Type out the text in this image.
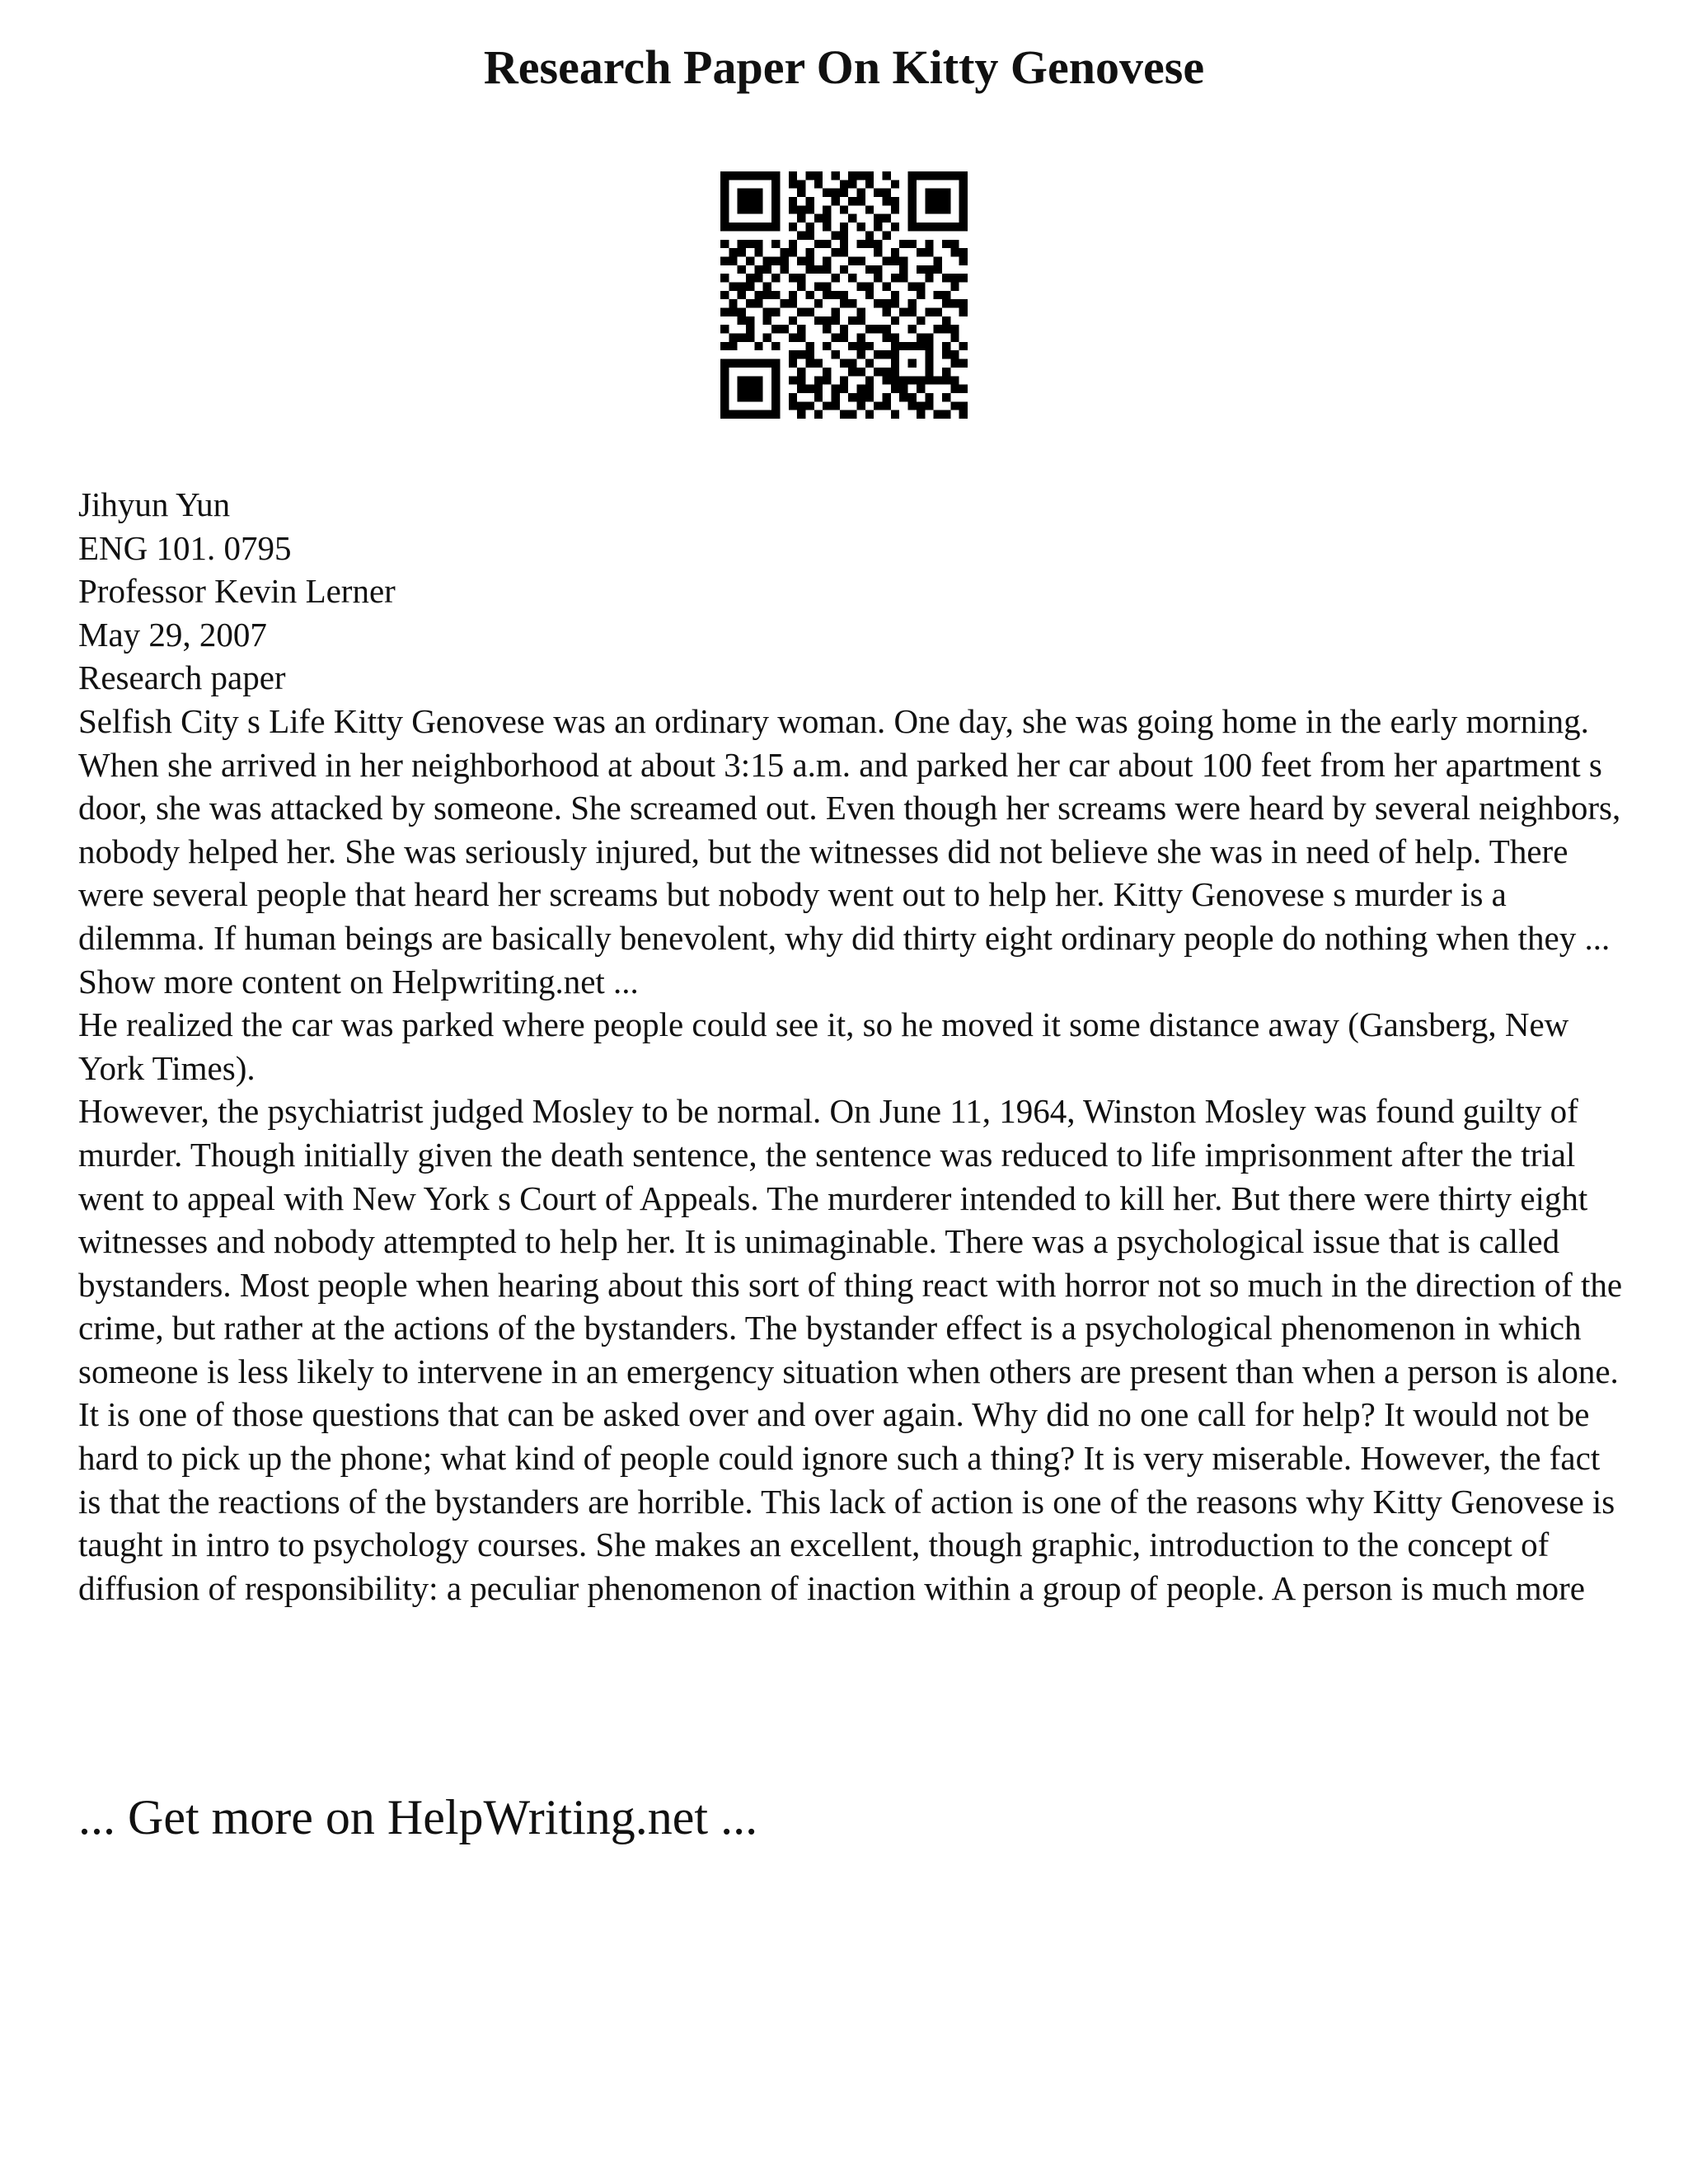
Research Paper On Kitty Genovese
Jihyun Yun
ENG 101. 0795
Professor Kevin Lerner
May 29, 2007
Research paper

Selfish City s Life Kitty Genovese was an ordinary woman. One day, she was going home in the early morning. When she arrived in her neighborhood at about 3:15 a.m. and parked her car about 100 feet from her apartment s door, she was attacked by someone. She screamed out. Even though her screams were heard by several neighbors, nobody helped her. She was seriously injured, but the witnesses did not believe she was in need of help. There were several people that heard her screams but nobody went out to help her. Kitty Genovese s murder is a dilemma. If human beings are basically benevolent, why did thirty eight ordinary people do nothing when they ... Show more content on Helpwriting.net ...

He realized the car was parked where people could see it, so he moved it some distance away (Gansberg, New York Times).

However, the psychiatrist judged Mosley to be normal. On June 11, 1964, Winston Mosley was found guilty of murder. Though initially given the death sentence, the sentence was reduced to life imprisonment after the trial went to appeal with New York s Court of Appeals. The murderer intended to kill her. But there were thirty eight witnesses and nobody attempted to help her. It is unimaginable. There was a psychological issue that is called bystanders. Most people when hearing about this sort of thing react with horror not so much in the direction of the crime, but rather at the actions of the bystanders. The bystander effect is a psychological phenomenon in which someone is less likely to intervene in an emergency situation when others are present than when a person is alone. It is one of those questions that can be asked over and over again. Why did no one call for help? It would not be hard to pick up the phone; what kind of people could ignore such a thing? It is very miserable. However, the fact is that the reactions of the bystanders are horrible. This lack of action is one of the reasons why Kitty Genovese is taught in intro to psychology courses. She makes an excellent, though graphic, introduction to the concept of diffusion of responsibility: a peculiar phenomenon of inaction within a group of people. A person is much more

... Get more on HelpWriting.net ...
